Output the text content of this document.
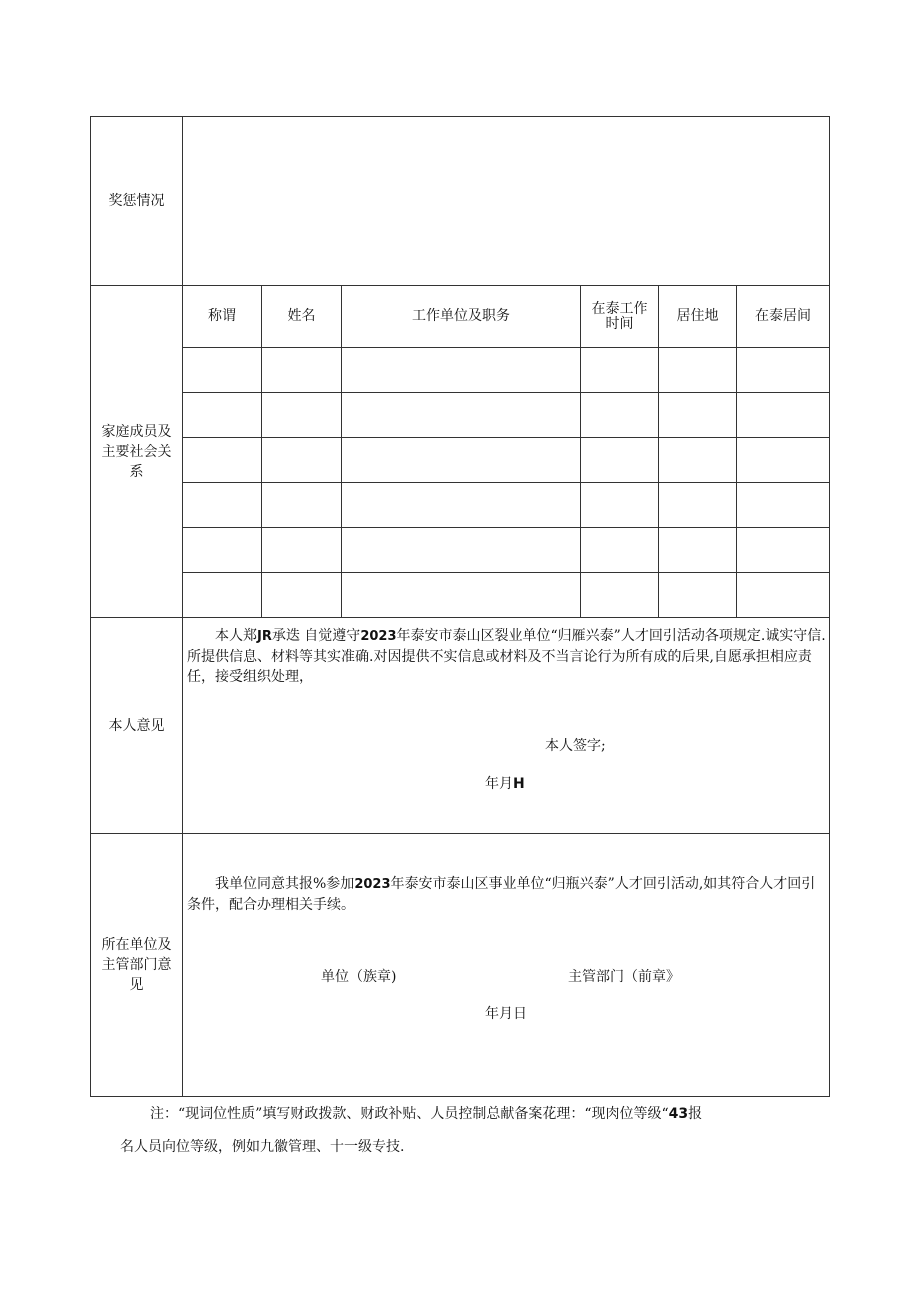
奖惩情况						
家庭成员及主要社会关系	称谓	姓名	工作单位及职务	在泰工作时间	居住地	在泰居间

本人意见	本人郑JR承迭 自觉遵守2023年泰安市泰山区裂业单位“归雁兴泰”人才回引活动各项规定.诚实守信.所提供信息、材料等其实准确.对因提供不实信息或材料及不当言论行为所有成的后果,自愿承担相应责任，接受组织处理，
本人签字;
年月H					

所在单位及主管部门意见	我单位同意其报%参加2023年泰安市泰山区事业单位“归瓶兴泰”人才回引活动,如其符合人才回引条件，配合办理相关手续。
单位（族章) 主管部门（前章》
年月日					
注：“现词位性质”填写财政拨款、财政补贴、人员控制总献备案花理：“现肉位等级“43报
名人员向位等级，例如九徽管理、十一级专技.
